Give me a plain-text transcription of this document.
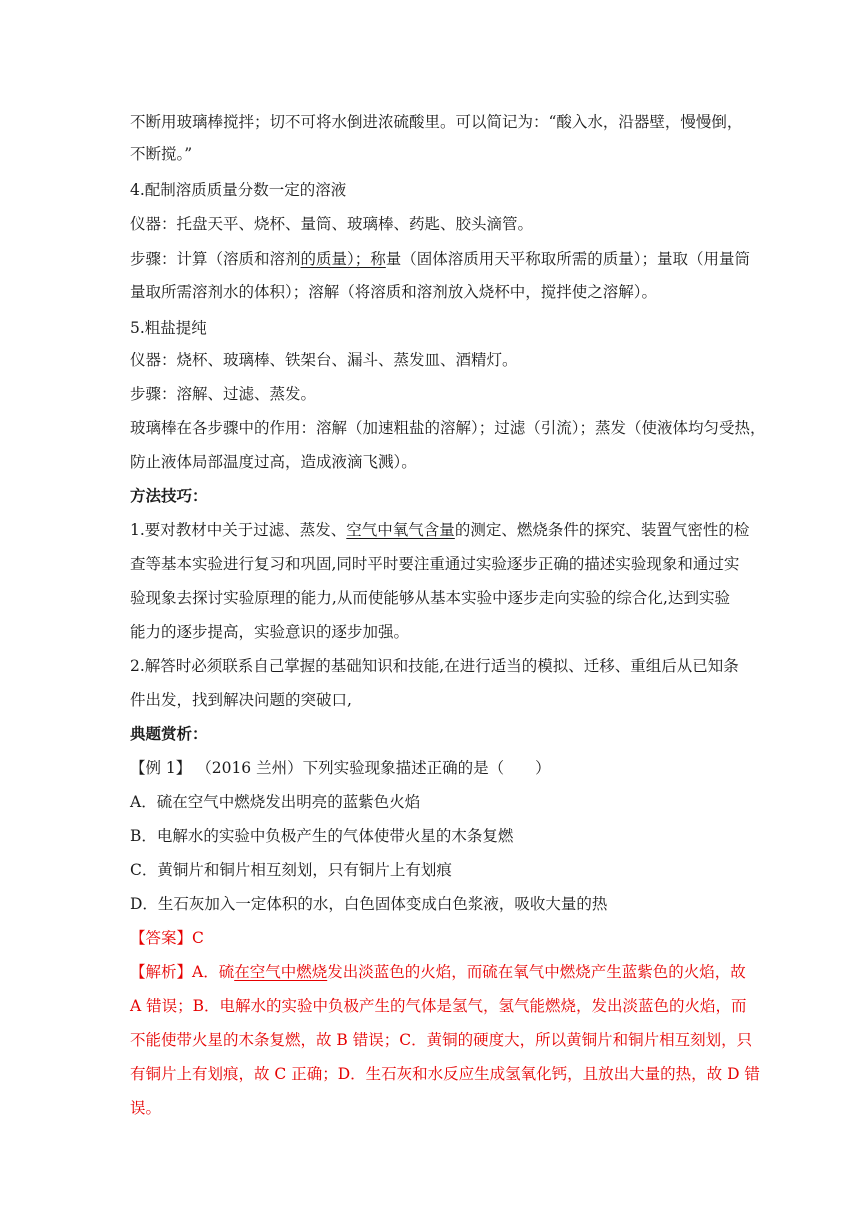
不断用玻璃棒搅拌；切不可将水倒进浓硫酸里。可以简记为：“酸入水，沿器壁，慢慢倒，

不断搅。”

4.配制溶质质量分数一定的溶液

仪器：托盘天平、烧杯、量筒、玻璃棒、药匙、胶头滴管。

步骤：计算（溶质和溶剂的质量）；称量（固体溶质用天平称取所需的质量）；量取（用量筒

量取所需溶剂水的体积）；溶解（将溶质和溶剂放入烧杯中，搅拌使之溶解）。

5.粗盐提纯

仪器：烧杯、玻璃棒、铁架台、漏斗、蒸发皿、酒精灯。

步骤：溶解、过滤、蒸发。

玻璃棒在各步骤中的作用：溶解（加速粗盐的溶解）；过滤（引流）；蒸发（使液体均匀受热，

防止液体局部温度过高，造成液滴飞溅）。

方法技巧：

1.要对教材中关于过滤、蒸发、空气中氧气含量的测定、燃烧条件的探究、装置气密性的检

查等基本实验进行复习和巩固,同时平时要注重通过实验逐步正确的描述实验现象和通过实

验现象去探讨实验原理的能力,从而使能够从基本实验中逐步走向实验的综合化,达到实验

能力的逐步提高，实验意识的逐步加强。

2.解答时必须联系自己掌握的基础知识和技能,在进行适当的模拟、迁移、重组后从已知条

件出发，找到解决问题的突破口,

典题赏析：

【例 1】 （2016 兰州）下列实验现象描述正确的是（　　）

A．硫在空气中燃烧发出明亮的蓝紫色火焰

B．电解水的实验中负极产生的气体使带火星的木条复燃

C．黄铜片和铜片相互刻划，只有铜片上有划痕

D．生石灰加入一定体积的水，白色固体变成白色浆液，吸收大量的热

【答案】C

【解析】A．硫在空气中燃烧发出淡蓝色的火焰，而硫在氧气中燃烧产生蓝紫色的火焰，故

A 错误；B．电解水的实验中负极产生的气体是氢气，氢气能燃烧，发出淡蓝色的火焰，而

不能使带火星的木条复燃，故 B 错误；C．黄铜的硬度大，所以黄铜片和铜片相互刻划，只

有铜片上有划痕，故 C 正确；D．生石灰和水反应生成氢氧化钙，且放出大量的热，故 D 错

误。
